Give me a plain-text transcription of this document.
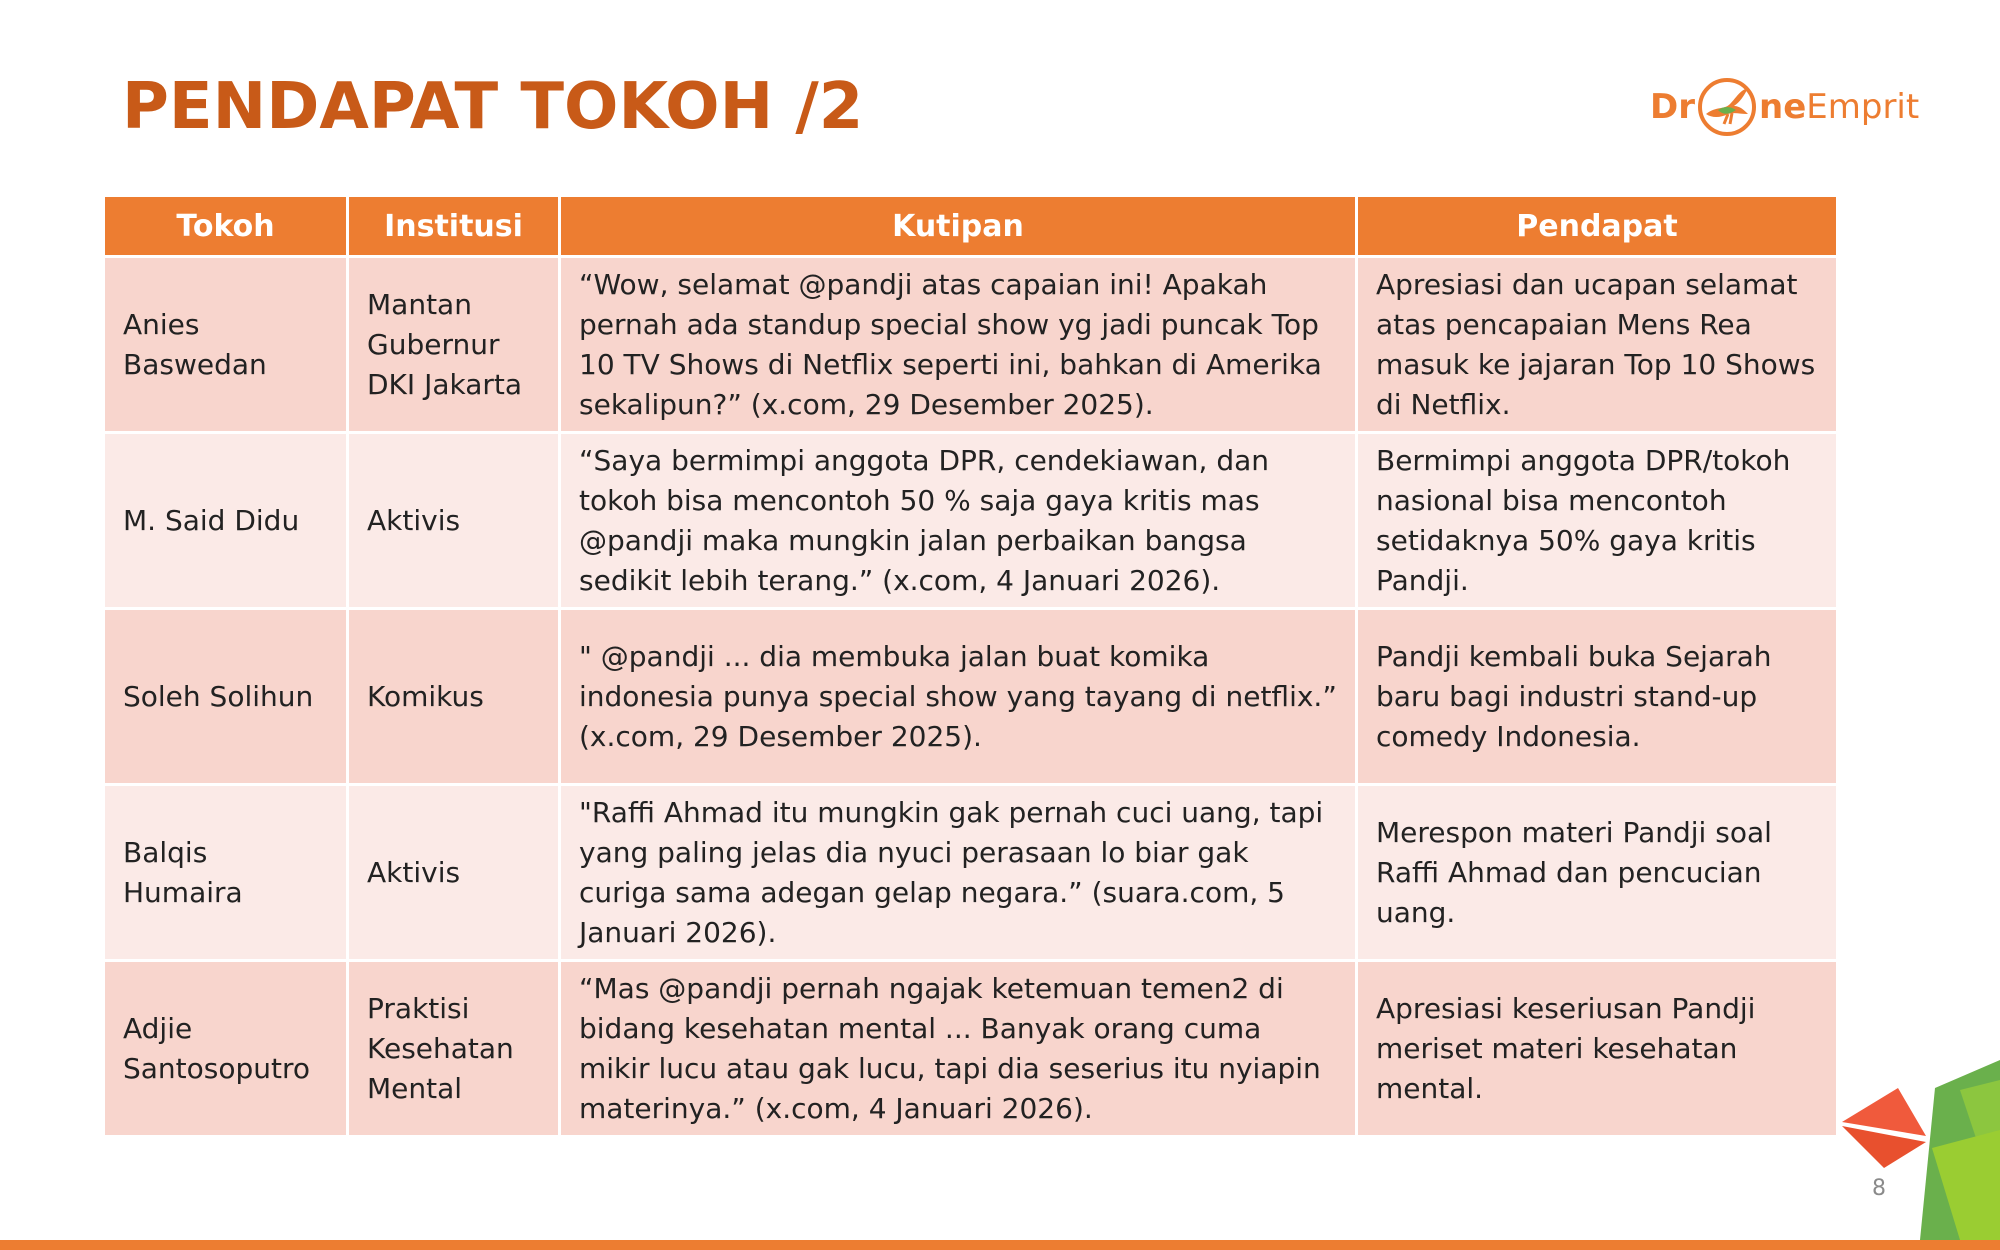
PENDAPAT TOKOH /2	Dr ne Emprit
Tokoh	Institusi	Kutipan	Pendapat
Anies Baswedan	Mantan Gubernur DKI Jakarta	“Wow, selamat @pandji atas capaian ini! Apakah pernah ada standup special show yg jadi puncak Top 10 TV Shows di Netflix seperti ini, bahkan di Amerika sekalipun?” (x.com, 29 Desember 2025).	Apresiasi dan ucapan selamat atas pencapaian Mens Rea masuk ke jajaran Top 10 Shows di Netflix.
M. Said Didu	Aktivis	“Saya bermimpi anggota DPR, cendekiawan, dan tokoh bisa mencontoh 50 % saja gaya kritis mas @pandji maka mungkin jalan perbaikan bangsa sedikit lebih terang.” (x.com, 4 Januari 2026).	Bermimpi anggota DPR/tokoh nasional bisa mencontoh setidaknya 50% gaya kritis Pandji.
Soleh Solihun	Komikus	" @pandji ... dia membuka jalan buat komika indonesia punya special show yang tayang di netflix.” (x.com, 29 Desember 2025).	Pandji kembali buka Sejarah baru bagi industri stand-up comedy Indonesia.
Balqis Humaira	Aktivis	"Raffi Ahmad itu mungkin gak pernah cuci uang, tapi yang paling jelas dia nyuci perasaan lo biar gak curiga sama adegan gelap negara.” (suara.com, 5 Januari 2026).	Merespon materi Pandji soal Raffi Ahmad dan pencucian uang.
Adjie Santosoputro	Praktisi Kesehatan Mental	“Mas @pandji pernah ngajak ketemuan temen2 di bidang kesehatan mental ... Banyak orang cuma mikir lucu atau gak lucu, tapi dia seserius itu nyiapin materinya.” (x.com, 4 Januari 2026).	Apresiasi keseriusan Pandji meriset materi kesehatan mental.
8
